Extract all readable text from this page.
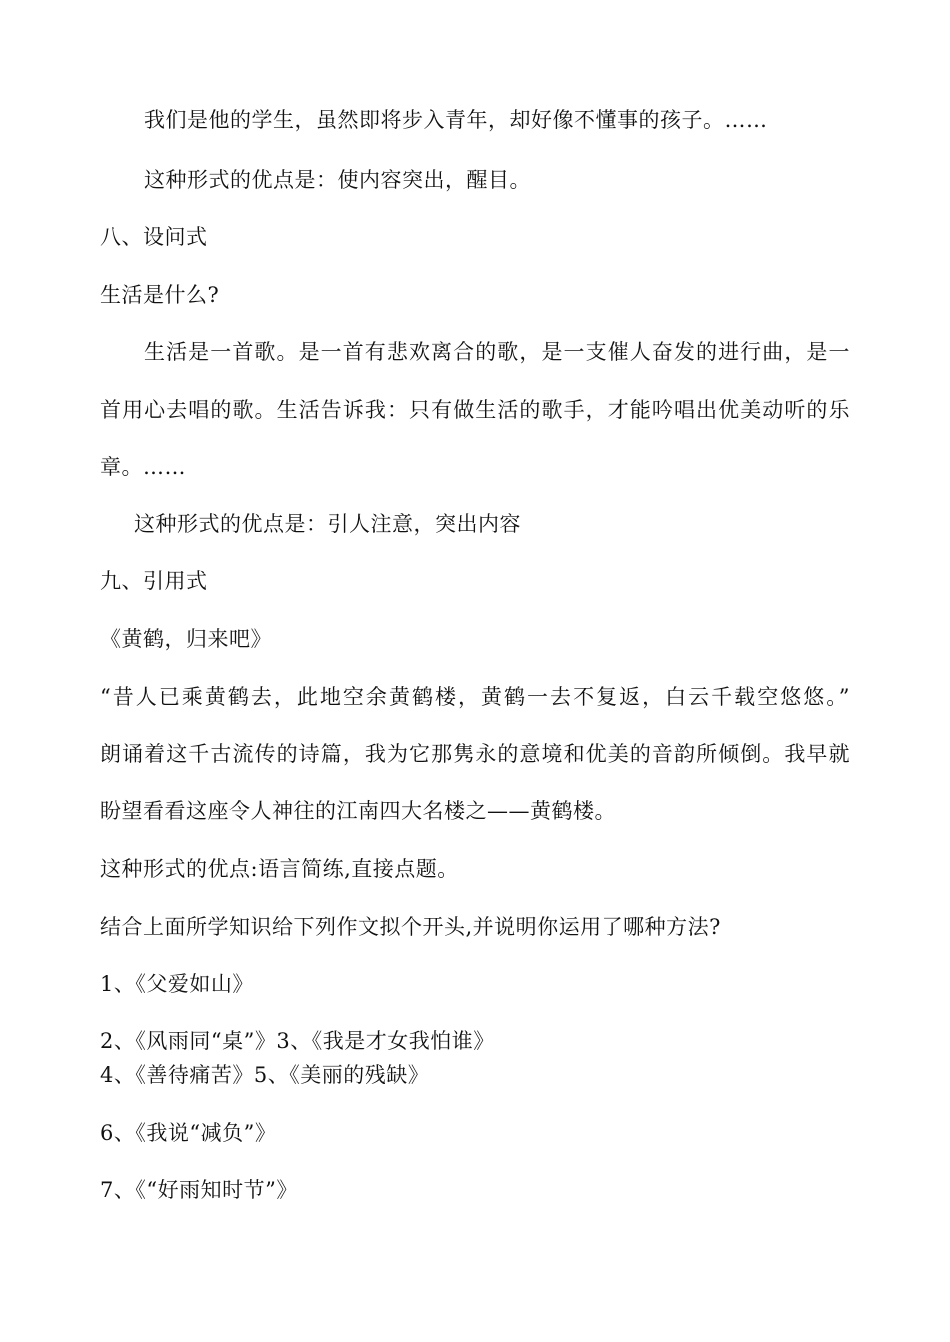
我们是他的学生，虽然即将步入青年，却好像不懂事的孩子。……
这种形式的优点是：使内容突出，醒目。
八、设问式
生活是什么?
生活是一首歌。是一首有悲欢离合的歌，是一支催人奋发的进行曲，是一
首用心去唱的歌。生活告诉我：只有做生活的歌手，才能吟唱出优美动听的乐
章。……
这种形式的优点是：引人注意，突出内容
九、引用式
《黄鹤，归来吧》
“昔人已乘黄鹤去，此地空余黄鹤楼，黄鹤一去不复返，白云千载空悠悠。”
朗诵着这千古流传的诗篇，我为它那隽永的意境和优美的音韵所倾倒。我早就
盼望看看这座令人神往的江南四大名楼之——黄鹤楼。
这种形式的优点:语言简练,直接点题。
结合上面所学知识给下列作文拟个开头,并说明你运用了哪种方法?
1、《父爱如山》
2、《风雨同“桌”》3、《我是才女我怕谁》
4、《善待痛苦》5、《美丽的残缺》
6、《我说“减负”》
7、《“好雨知时节”》
